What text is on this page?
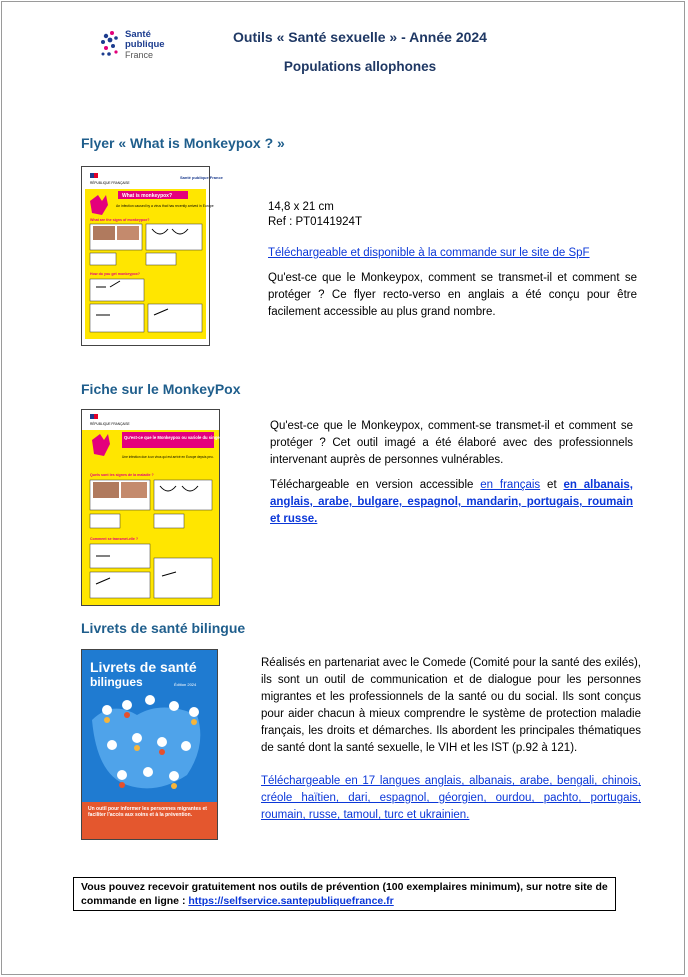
Santé
publique
France
Outils « Santé sexuelle » - Année 2024
Populations allophones
Flyer « What is Monkeypox ? »
RÉPUBLIQUE FRANÇAISE
Santé publique France
What is monkeypox?
An infection caused by a virus that has recently arrived in Europe
What are the signs of monkeypox?
How do you get monkeypox?
14,8 x 21 cm
Ref : PT0141924T
Téléchargeable et disponible à la commande sur le site de SpF
Qu'est-ce que le Monkeypox, comment se transmet-il et comment se protéger ? Ce flyer recto-verso en anglais a été conçu pour être facilement accessible au plus grand nombre.
Fiche sur le MonkeyPox
RÉPUBLIQUE FRANÇAISE
Qu'est-ce que le Monkeypox ou variole du singe ?
Une infection due à un virus qui est arrivé en Europe depuis peu.
Quels sont les signes de la maladie ?
Comment se transmet-elle ?
Qu'est-ce que le Monkeypox, comment-se transmet-il et comment se protéger ? Cet outil imagé a été élaboré avec des professionnels intervenant auprès de personnes vulnérables.
Téléchargeable en version accessible en français et en albanais, anglais, arabe, bulgare, espagnol, mandarin, portugais, roumain et russe.
Livrets de santé bilingue
Livrets de santé
bilingues	Édition 2024
Un outil pour informer les personnes migrantes et faciliter l'accès aux soins et à la prévention.
Réalisés en partenariat avec le Comede (Comité pour la santé des exilés), ils sont un outil de communication et de dialogue pour les personnes migrantes et les professionnels de la santé ou du social. Ils sont conçus pour aider chacun à mieux comprendre le système de protection maladie français, les droits et démarches. Ils abordent les principales thématiques de santé dont la santé sexuelle, le VIH et les IST (p.92 à 121).
Téléchargeable en 17 langues anglais, albanais, arabe, bengali, chinois, créole haïtien, dari, espagnol, géorgien, ourdou, pachto, portugais, roumain, russe, tamoul, turc et ukrainien.
Vous pouvez recevoir gratuitement nos outils de prévention (100 exemplaires minimum), sur notre site de commande en ligne : https://selfservice.santepubliquefrance.fr
